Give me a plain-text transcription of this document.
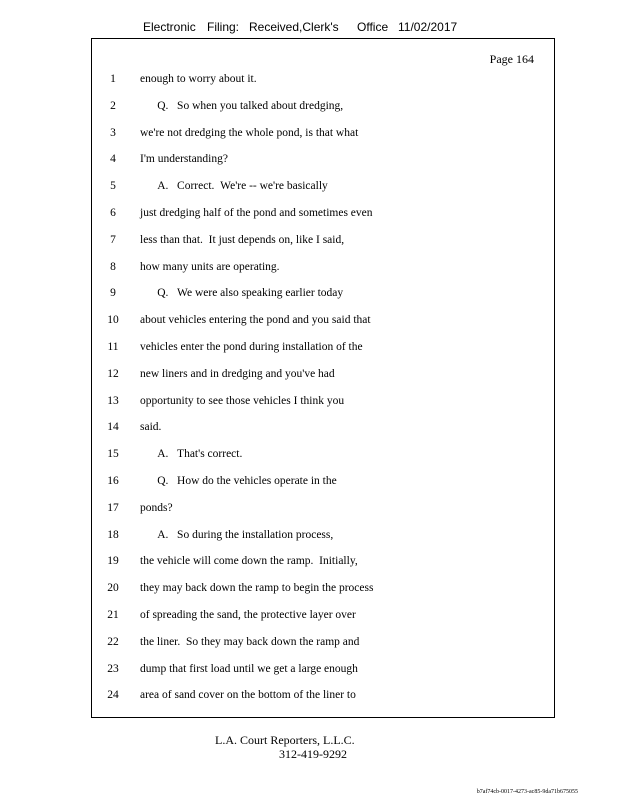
Electronic Filing: Received,Clerk's Office 11/02/2017
Page 164
1	enough to worry about it.
2	Q.   So when you talked about dredging,
3	we're not dredging the whole pond, is that what
4	I'm understanding?
5	A.   Correct.  We're -- we're basically
6	just dredging half of the pond and sometimes even
7	less than that.  It just depends on, like I said,
8	how many units are operating.
9	Q.   We were also speaking earlier today
10	about vehicles entering the pond and you said that
11	vehicles enter the pond during installation of the
12	new liners and in dredging and you've had
13	opportunity to see those vehicles I think you
14	said.
15	A.   That's correct.
16	Q.   How do the vehicles operate in the
17	ponds?
18	A.   So during the installation process,
19	the vehicle will come down the ramp.  Initially,
20	they may back down the ramp to begin the process
21	of spreading the sand, the protective layer over
22	the liner.  So they may back down the ramp and
23	dump that first load until we get a large enough
24	area of sand cover on the bottom of the liner to
L.A. Court Reporters, L.L.C.
312-419-9292
b7af74cb-0017-4273-ac85-9da71b675055
